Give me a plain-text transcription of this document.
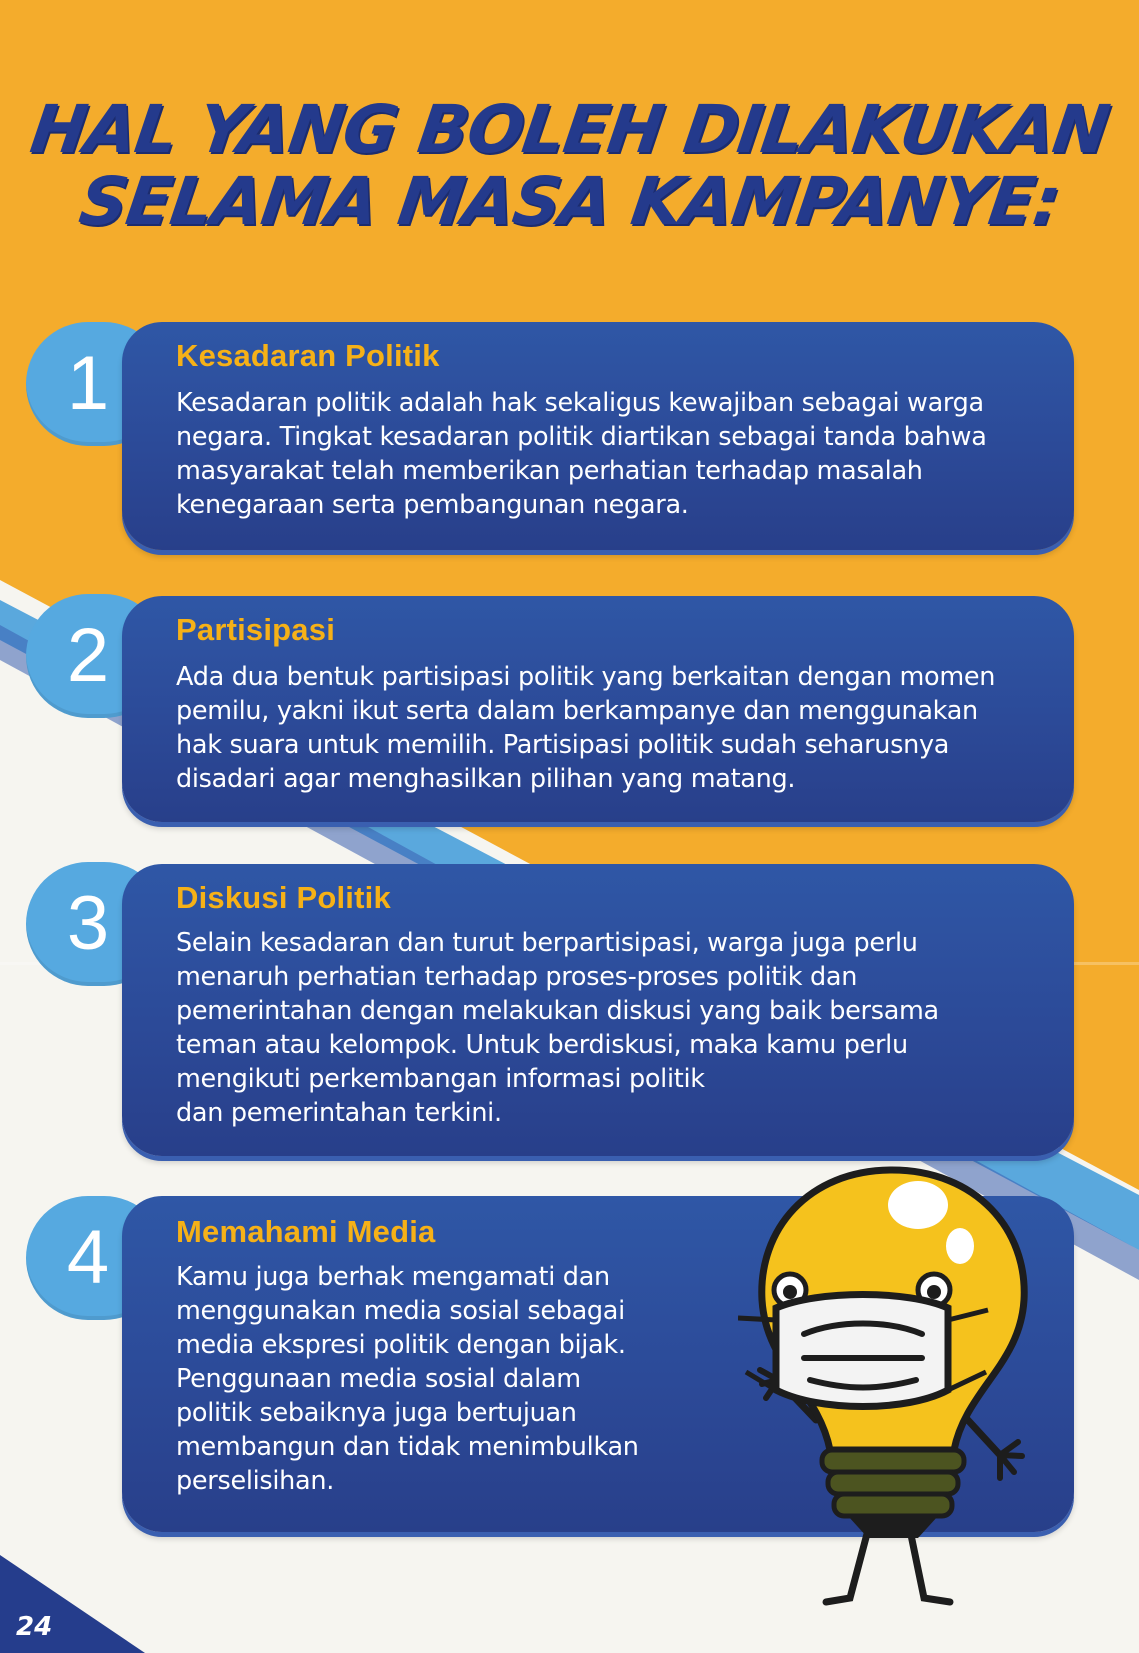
HAL YANG BOLEH DILAKUKAN
SELAMA MASA KAMPANYE:
1
2
3
4
Kesadaran Politik
Kesadaran politik adalah hak sekaligus kewajiban sebagai warga
negara. Tingkat kesadaran politik diartikan sebagai tanda bahwa
masyarakat telah memberikan perhatian terhadap masalah
kenegaraan serta pembangunan negara.
Partisipasi
Ada dua bentuk partisipasi politik yang berkaitan dengan momen
pemilu, yakni ikut serta dalam berkampanye dan menggunakan
hak suara untuk memilih. Partisipasi politik sudah seharusnya
disadari agar menghasilkan pilihan yang matang.
Diskusi Politik
Selain kesadaran dan turut berpartisipasi, warga juga perlu
menaruh perhatian terhadap proses-proses politik dan
pemerintahan dengan melakukan diskusi yang baik bersama
teman atau kelompok. Untuk berdiskusi, maka kamu perlu
mengikuti perkembangan informasi politik
dan pemerintahan terkini.
Memahami Media
Kamu juga berhak mengamati dan
menggunakan media sosial sebagai
media ekspresi politik dengan bijak.
Penggunaan media sosial dalam
politik sebaiknya juga bertujuan
membangun dan tidak menimbulkan
perselisihan.
24
